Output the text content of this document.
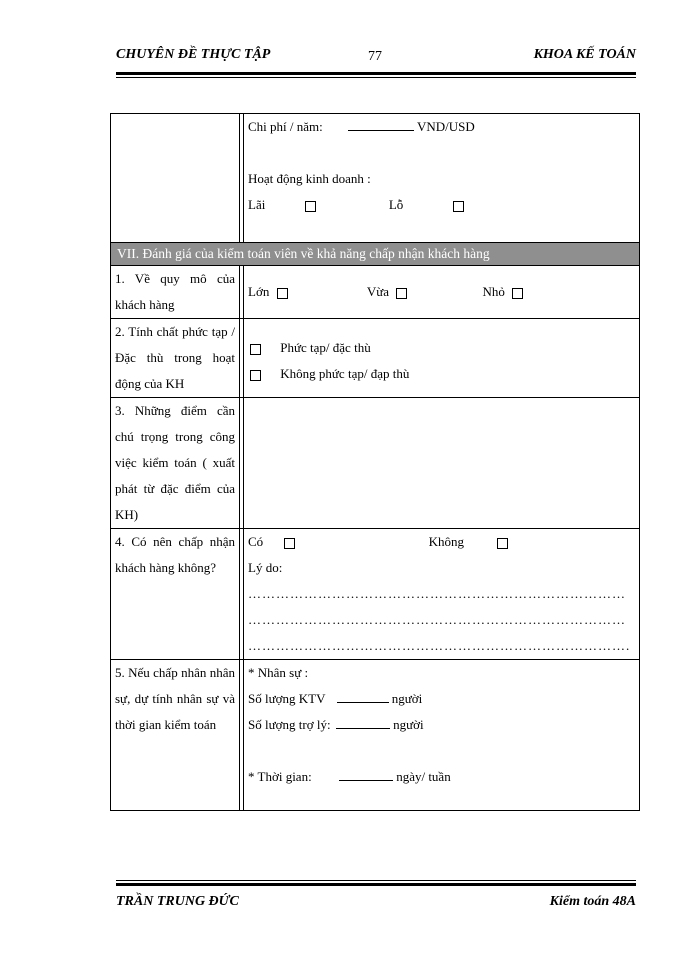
CHUYÊN ĐỀ THỰC TẬP	77	KHOA KẾ TOÁN

		Chi phí / năm: VND/USD
Hoạt động kinh doanh :
Lãi Lỗ

VII. Đánh giá của kiểm toán viên về khả năng chấp nhận khách hàng		
1. Về quy mô của khách hàng		Lớn Vừa Nhỏ
2. Tính chất phức tạp / Đặc thù trong hoạt động của KH		Phức tạp/ đặc thù
Không phức tạp/ đạp thù

3. Những điểm cần chú trọng trong công việc kiểm toán ( xuất phát từ đặc điểm của KH)		
4. Có nên chấp nhận khách hàng không?		Có Không
Lý do:
………………………………………………………………………
………………………………………………………………………
……………………………………………………………………….

5. Nếu chấp nhân nhân sự, dự tính nhân sự và thời gian kiểm toán		* Nhân sự :
Số lượng KTV người
Số lượng trợ lý: người
* Thời gian: ngày/ tuần
TRẦN TRUNG ĐỨC	Kiểm toán 48A
